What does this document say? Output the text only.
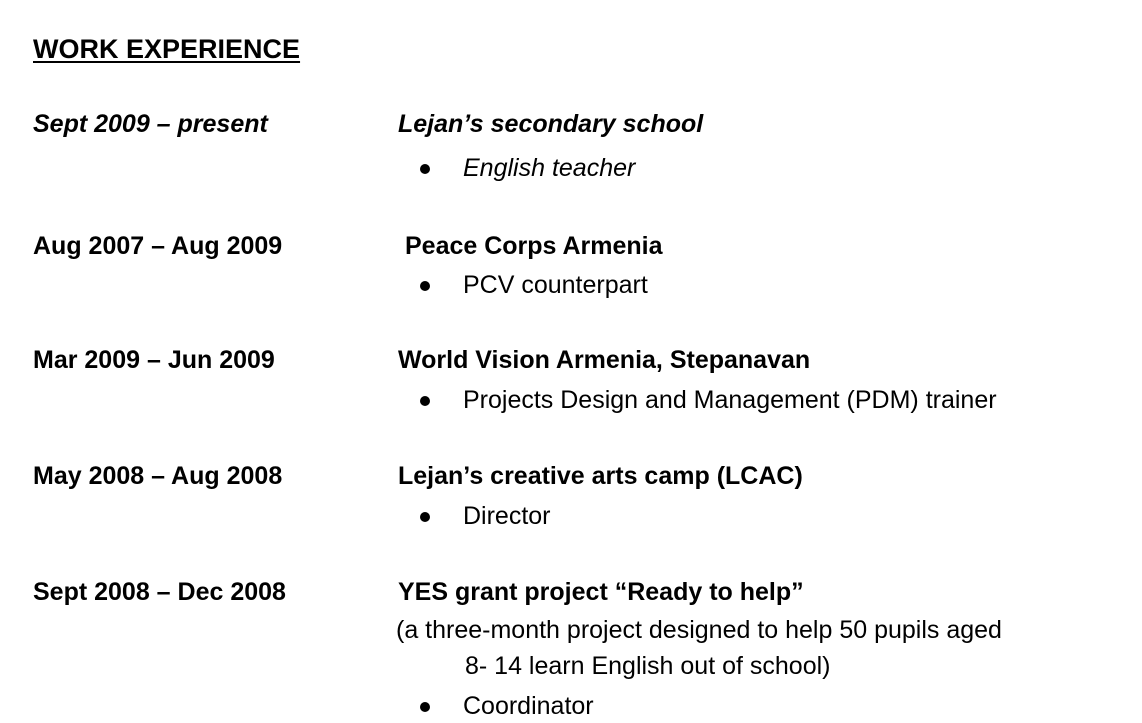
WORK EXPERIENCE
Sept 2009 – present	Lejan’s secondary school
English teacher
Aug 2007 – Aug 2009	Peace Corps Armenia
PCV counterpart
Mar 2009 – Jun 2009	World Vision Armenia, Stepanavan
Projects Design and Management (PDM) trainer
May 2008 – Aug 2008	Lejan’s creative arts camp (LCAC)
Director
Sept 2008 – Dec 2008	YES grant project “Ready to help”
(a three-month project designed to help 50 pupils aged
8- 14 learn English out of school)
Coordinator
